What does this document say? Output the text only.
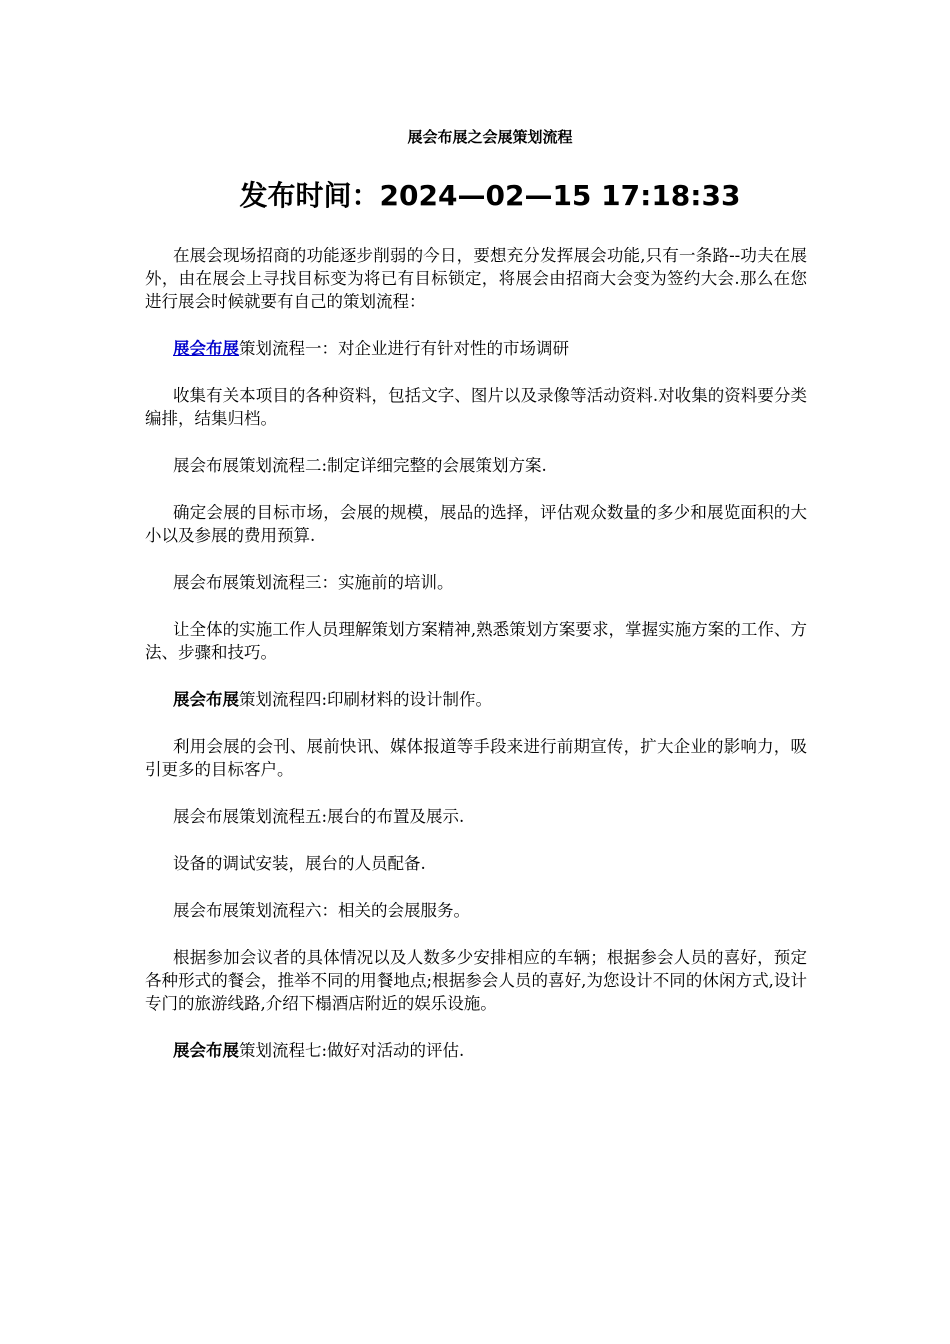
展会布展之会展策划流程
发布时间：2024—02—15 17:18:33

在展会现场招商的功能逐步削弱的今日，要想充分发挥展会功能,只有一条路--功夫在展外，由在展会上寻找目标变为将已有目标锁定，将展会由招商大会变为签约大会.那么在您进行展会时候就要有自己的策划流程：

展会布展策划流程一：对企业进行有针对性的市场调研

收集有关本项目的各种资料，包括文字、图片以及录像等活动资料.对收集的资料要分类编排，结集归档。

展会布展策划流程二:制定详细完整的会展策划方案.

确定会展的目标市场，会展的规模，展品的选择，评估观众数量的多少和展览面积的大小以及参展的费用预算.

展会布展策划流程三：实施前的培训。

让全体的实施工作人员理解策划方案精神,熟悉策划方案要求，掌握实施方案的工作、方法、步骤和技巧。

展会布展策划流程四:印刷材料的设计制作。

利用会展的会刊、展前快讯、媒体报道等手段来进行前期宣传，扩大企业的影响力，吸引更多的目标客户。

展会布展策划流程五:展台的布置及展示.

设备的调试安装，展台的人员配备.

展会布展策划流程六：相关的会展服务。

根据参加会议者的具体情况以及人数多少安排相应的车辆；根据参会人员的喜好，预定各种形式的餐会，推举不同的用餐地点;根据参会人员的喜好,为您设计不同的休闲方式,设计专门的旅游线路,介绍下榻酒店附近的娱乐设施。

展会布展策划流程七:做好对活动的评估.
